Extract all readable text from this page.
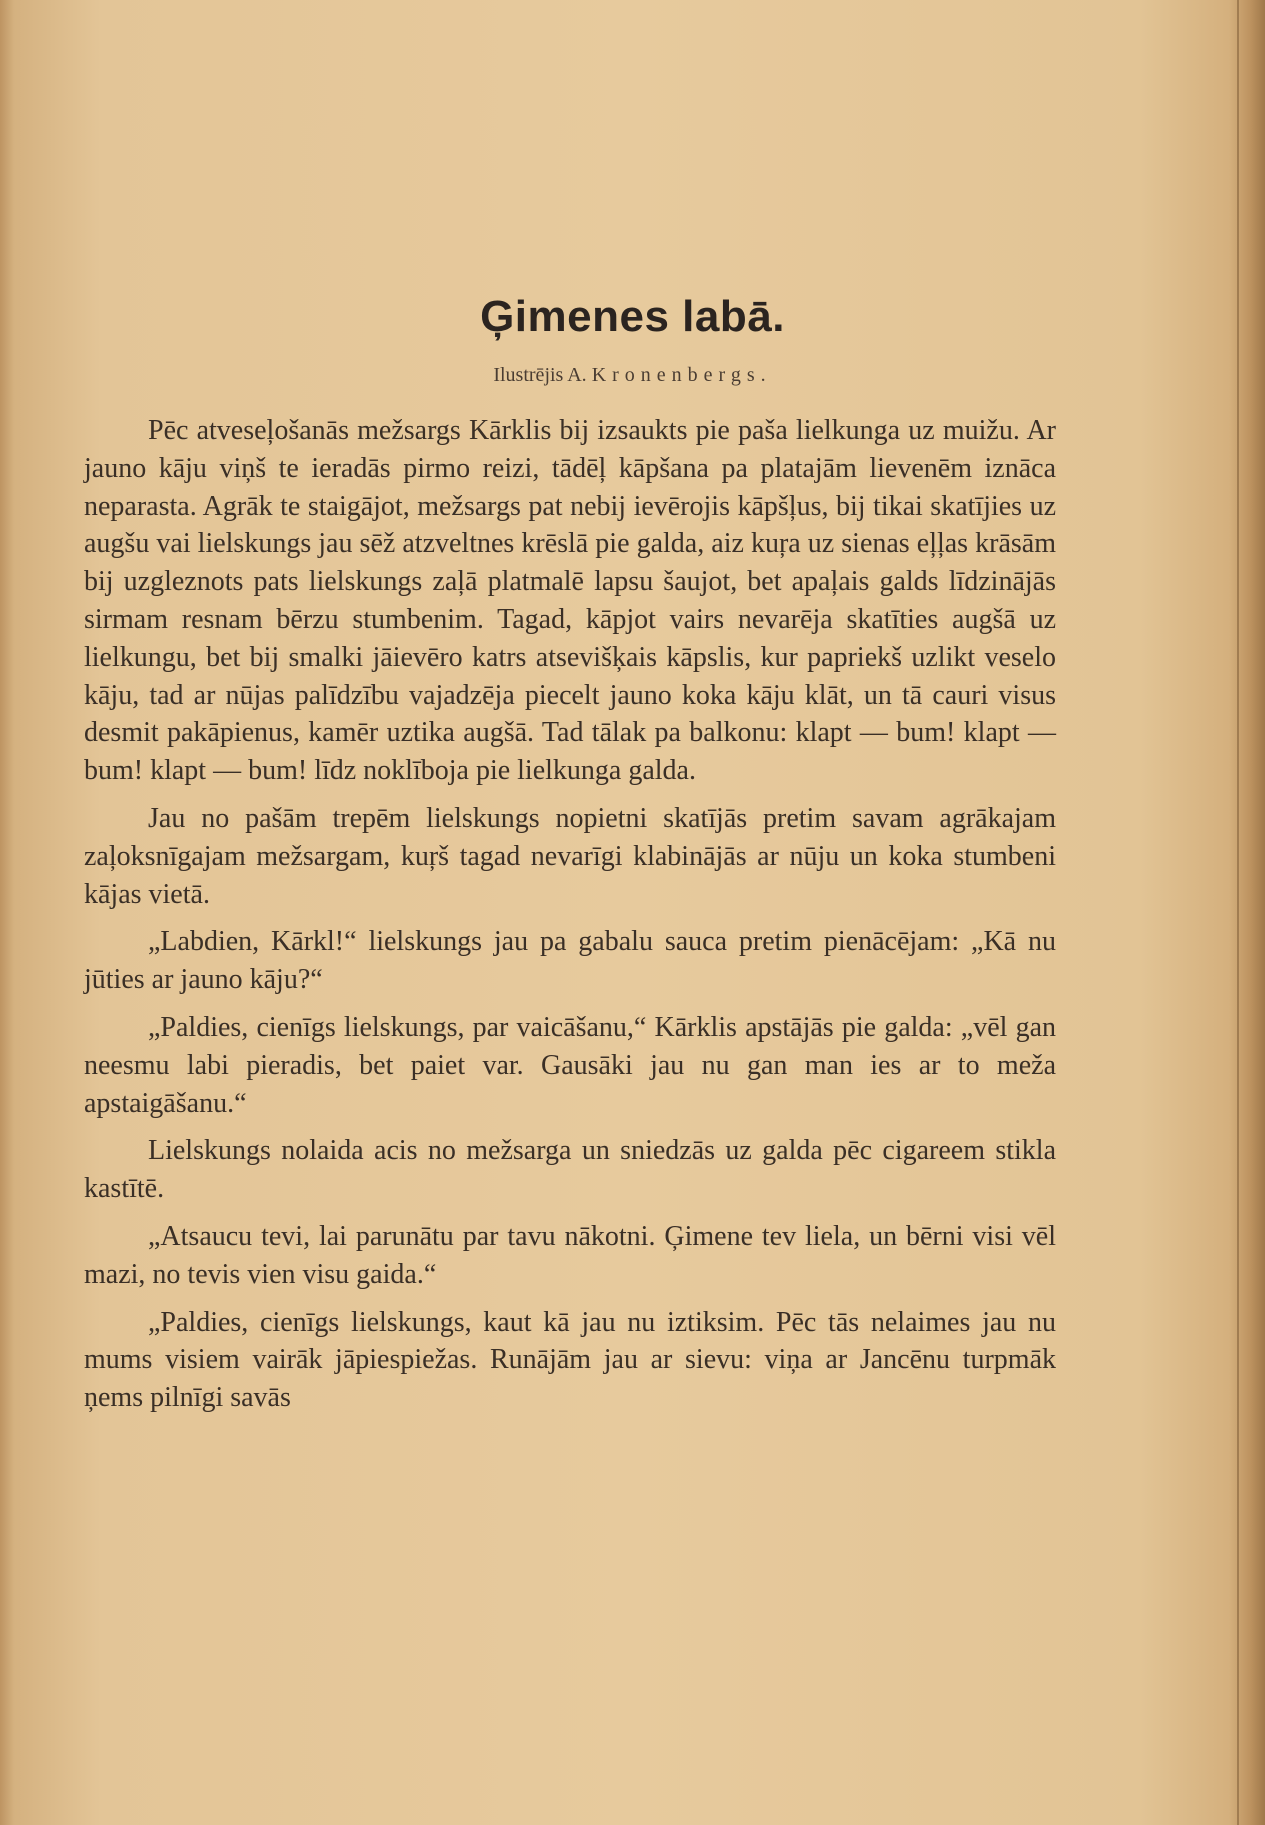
Ģimenes labā.
Ilustrējis A. Kronenbergs.

Pēc atveseļošanās mežsargs Kārklis bij izsaukts pie paša lielkunga uz muižu. Ar jauno kāju viņš te ieradās pirmo reizi, tādēļ kāpšana pa platajām lievenēm iznāca neparasta. Agrāk te staigājot, mežsargs pat nebij ievērojis kāpšļus, bij tikai skatījies uz augšu vai lielskungs jau sēž atzveltnes krēslā pie galda, aiz kuŗa uz sienas eļļas krāsām bij uzgleznots pats lielskungs zaļā platmalē lapsu šaujot, bet apaļais galds līdzinājās sirmam resnam bērzu stumbenim. Tagad, kāpjot vairs nevarēja skatīties augšā uz lielkungu, bet bij smalki jāievēro katrs atsevišķais kāpslis, kur papriekš uzlikt veselo kāju, tad ar nūjas palīdzību vajadzēja piecelt jauno koka kāju klāt, un tā cauri visus desmit pakāpienus, kamēr uztika augšā. Tad tālak pa balkonu: klapt — bum! klapt — bum! klapt — bum! līdz noklīboja pie lielkunga galda.

Jau no pašām trepēm lielskungs nopietni skatījās pretim savam agrākajam zaļoksnīgajam mežsargam, kuŗš tagad nevarīgi klabinājās ar nūju un koka stumbeni kājas vietā.

„Labdien, Kārkl!“ lielskungs jau pa gabalu sauca pretim pienācējam: „Kā nu jūties ar jauno kāju?“

„Paldies, cienīgs lielskungs, par vaicāšanu,“ Kārklis apstājās pie galda: „vēl gan neesmu labi pieradis, bet paiet var. Gausāki jau nu gan man ies ar to meža apstaigāšanu.“

Lielskungs nolaida acis no mežsarga un sniedzās uz galda pēc cigareem stikla kastītē.

„Atsaucu tevi, lai parunātu par tavu nākotni. Ģimene tev liela, un bērni visi vēl mazi, no tevis vien visu gaida.“

„Paldies, cienīgs lielskungs, kaut kā jau nu iztiksim. Pēc tās nelaimes jau nu mums visiem vairāk jāpiespiežas. Runājām jau ar sievu: viņa ar Jancēnu turpmāk ņems pilnīgi savās
